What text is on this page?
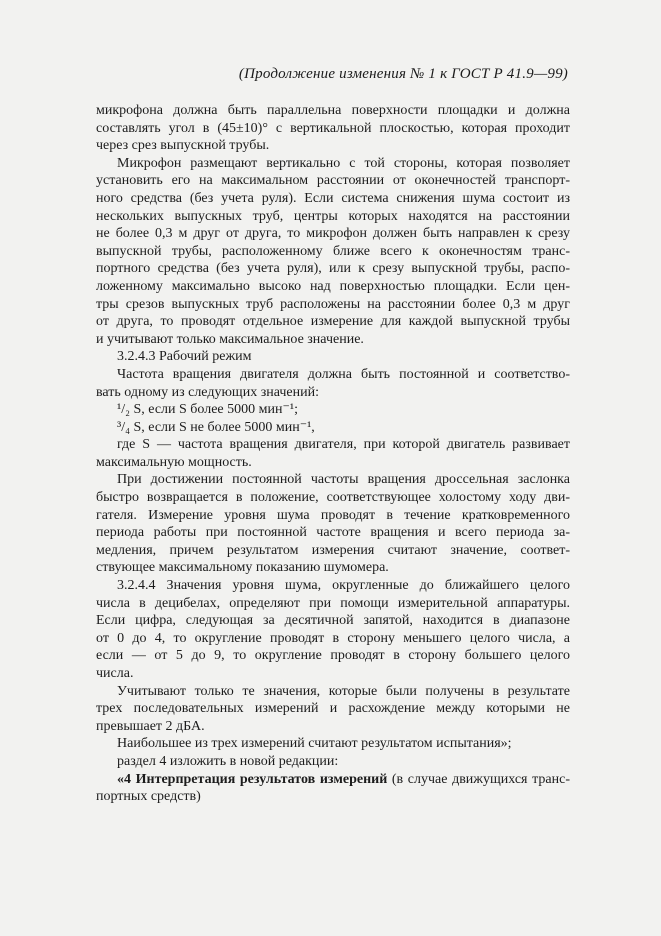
(Продолжение изменения № 1 к ГОСТ Р 41.9—99)
микрофона должна быть параллельна поверхности площадки и должна
составлять угол в (45±10)° с вертикальной плоскостью, которая проходит
через срез выпускной трубы.
Микрофон размещают вертикально с той стороны, которая позволяет
установить его на максимальном расстоянии от оконечностей транспорт-
ного средства (без учета руля). Если система снижения шума состоит из
нескольких выпускных труб, центры которых находятся на расстоянии
не более 0,3 м друг от друга, то микрофон должен быть направлен к срезу
выпускной трубы, расположенному ближе всего к оконечностям транс-
портного средства (без учета руля), или к срезу выпускной трубы, распо-
ложенному максимально высоко над поверхностью площадки. Если цен-
тры срезов выпускных труб расположены на расстоянии более 0,3 м друг
от друга, то проводят отдельное измерение для каждой выпускной трубы
и учитывают только максимальное значение.
3.2.4.3 Рабочий режим
Частота вращения двигателя должна быть постоянной и соответство-
вать одному из следующих значений:
¹/₂ S, если S более 5000 мин⁻¹;
³/₄ S, если S не более 5000 мин⁻¹,
где S — частота вращения двигателя, при которой двигатель развивает
максимальную мощность.
При достижении постоянной частоты вращения дроссельная заслонка
быстро возвращается в положение, соответствующее холостому ходу дви-
гателя. Измерение уровня шума проводят в течение кратковременного
периода работы при постоянной частоте вращения и всего периода за-
медления, причем результатом измерения считают значение, соответ-
ствующее максимальному показанию шумомера.
3.2.4.4 Значения уровня шума, округленные до ближайшего целого
числа в децибелах, определяют при помощи измерительной аппаратуры.
Если цифра, следующая за десятичной запятой, находится в диапазоне
от 0 до 4, то округление проводят в сторону меньшего целого числа, а
если — от 5 до 9, то округление проводят в сторону большего целого
числа.
Учитывают только те значения, которые были получены в результате
трех последовательных измерений и расхождение между которыми не
превышает 2 дБА.
Наибольшее из трех измерений считают результатом испытания»;
раздел 4 изложить в новой редакции:
«4 Интерпретация результатов измерений (в случае движущихся транс-
портных средств)
